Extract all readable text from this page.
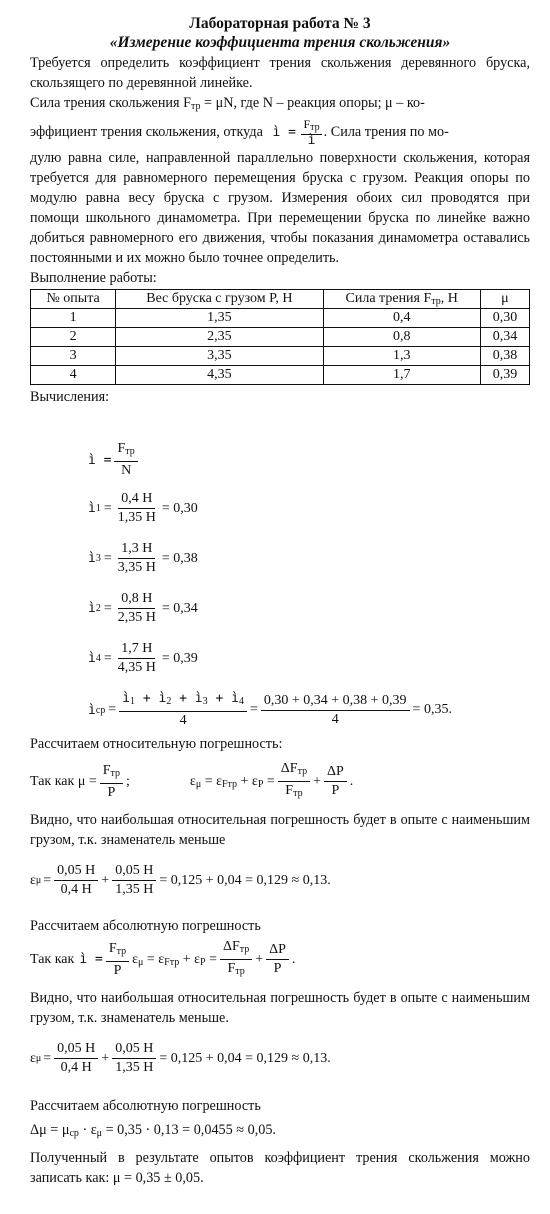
Лабораторная работа № 3
«Измерение коэффициента трения скольжения»

Требуется определить коэффициент трения скольжения деревянного бруска, скользящего по деревянной линейке.

Сила трения скольжения $F_{тр} = \mu N$, где N – реакция опоры; μ – ко-

эффициент трения скольжения, откуда ì = $\frac{F_{тр}}{ì}$ . Сила трения по мо-

дулю равна силе, направленной параллельно поверхности скольжения, которая требуется для равномерного перемещения бруска с грузом. Реакция опоры по модулю равна весу бруска с грузом. Измерения обоих сил проводятся при помощи школьного динамометра. При перемещении бруска по линейке важно добиться равномерного его движения, чтобы показания динамометра оставались постоянными и их можно было точнее определить.

Выполнение работы:
№ опыта	Вес бруска с грузом P, Н	Сила трения $F_{тр}$, Н	μ
1	1,35	0,4	0,30
2	2,35	0,8	0,34
3	3,35	1,3	0,38
4	4,35	1,7	0,39
Вычисления:
ì = $\frac{F_{тр}}{N}$
ì $1 = \frac{0,4 Н}{1,35 Н} = 0,30$
ì $3 = \frac{1,3 Н}{3,35 Н} = 0,38$
ì $2 = \frac{0,8 Н}{2,35 Н} = 0,34$
ì $4 = \frac{1,7 Н}{4,35 Н} = 0,39$
ì ср = $\frac{ì_1 + ì_2 + ì_3 + ì_4}{4} = \frac{0,30 + 0,34 + 0,38 + 0,39}{4} = 0,35$.
Рассчитаем относительную погрешность:
Так как $\mu = \frac{F_{тр}}{P}$ ;	$\varepsilon_\mu = \varepsilon_{Fтр} + \varepsilon_P = \frac{\Delta F_{тр}}{F_{тр}} + \frac{\Delta P}{P}$ .

Видно, что наибольшая относительная погрешность будет в опыте с наименьшим грузом, т.к. знаменатель меньше

ε $\mu = \frac{0,05 Н}{0,4 Н} + \frac{0,05 Н}{1,35 Н} = 0,125 + 0,04 = 0,129 \approx 0,13$.
Рассчитаем абсолютную погрешность
Так как ì = $\frac{F_{тр}}{P} \varepsilon_\mu = \varepsilon_{Fтр} + \varepsilon_P = \frac{\Delta F_{тр}}{F_{тр}} + \frac{\Delta P}{P}$ .

Видно, что наибольшая относительная погрешность будет в опыте с наименьшим грузом, т.к. знаменатель меньше.

ε $\mu = \frac{0,05 Н}{0,4 Н} + \frac{0,05 Н}{1,35 Н} = 0,125 + 0,04 = 0,129 \approx 0,13$.
Рассчитаем абсолютную погрешность
$\Delta\mu = \mu_{ср} \cdot \varepsilon_\mu = 0,35 \cdot 0,13 = 0,0455 \approx 0,05$.

Полученный в результате опытов коэффициент трения скольжения можно записать как: μ = 0,35 ± 0,05.
